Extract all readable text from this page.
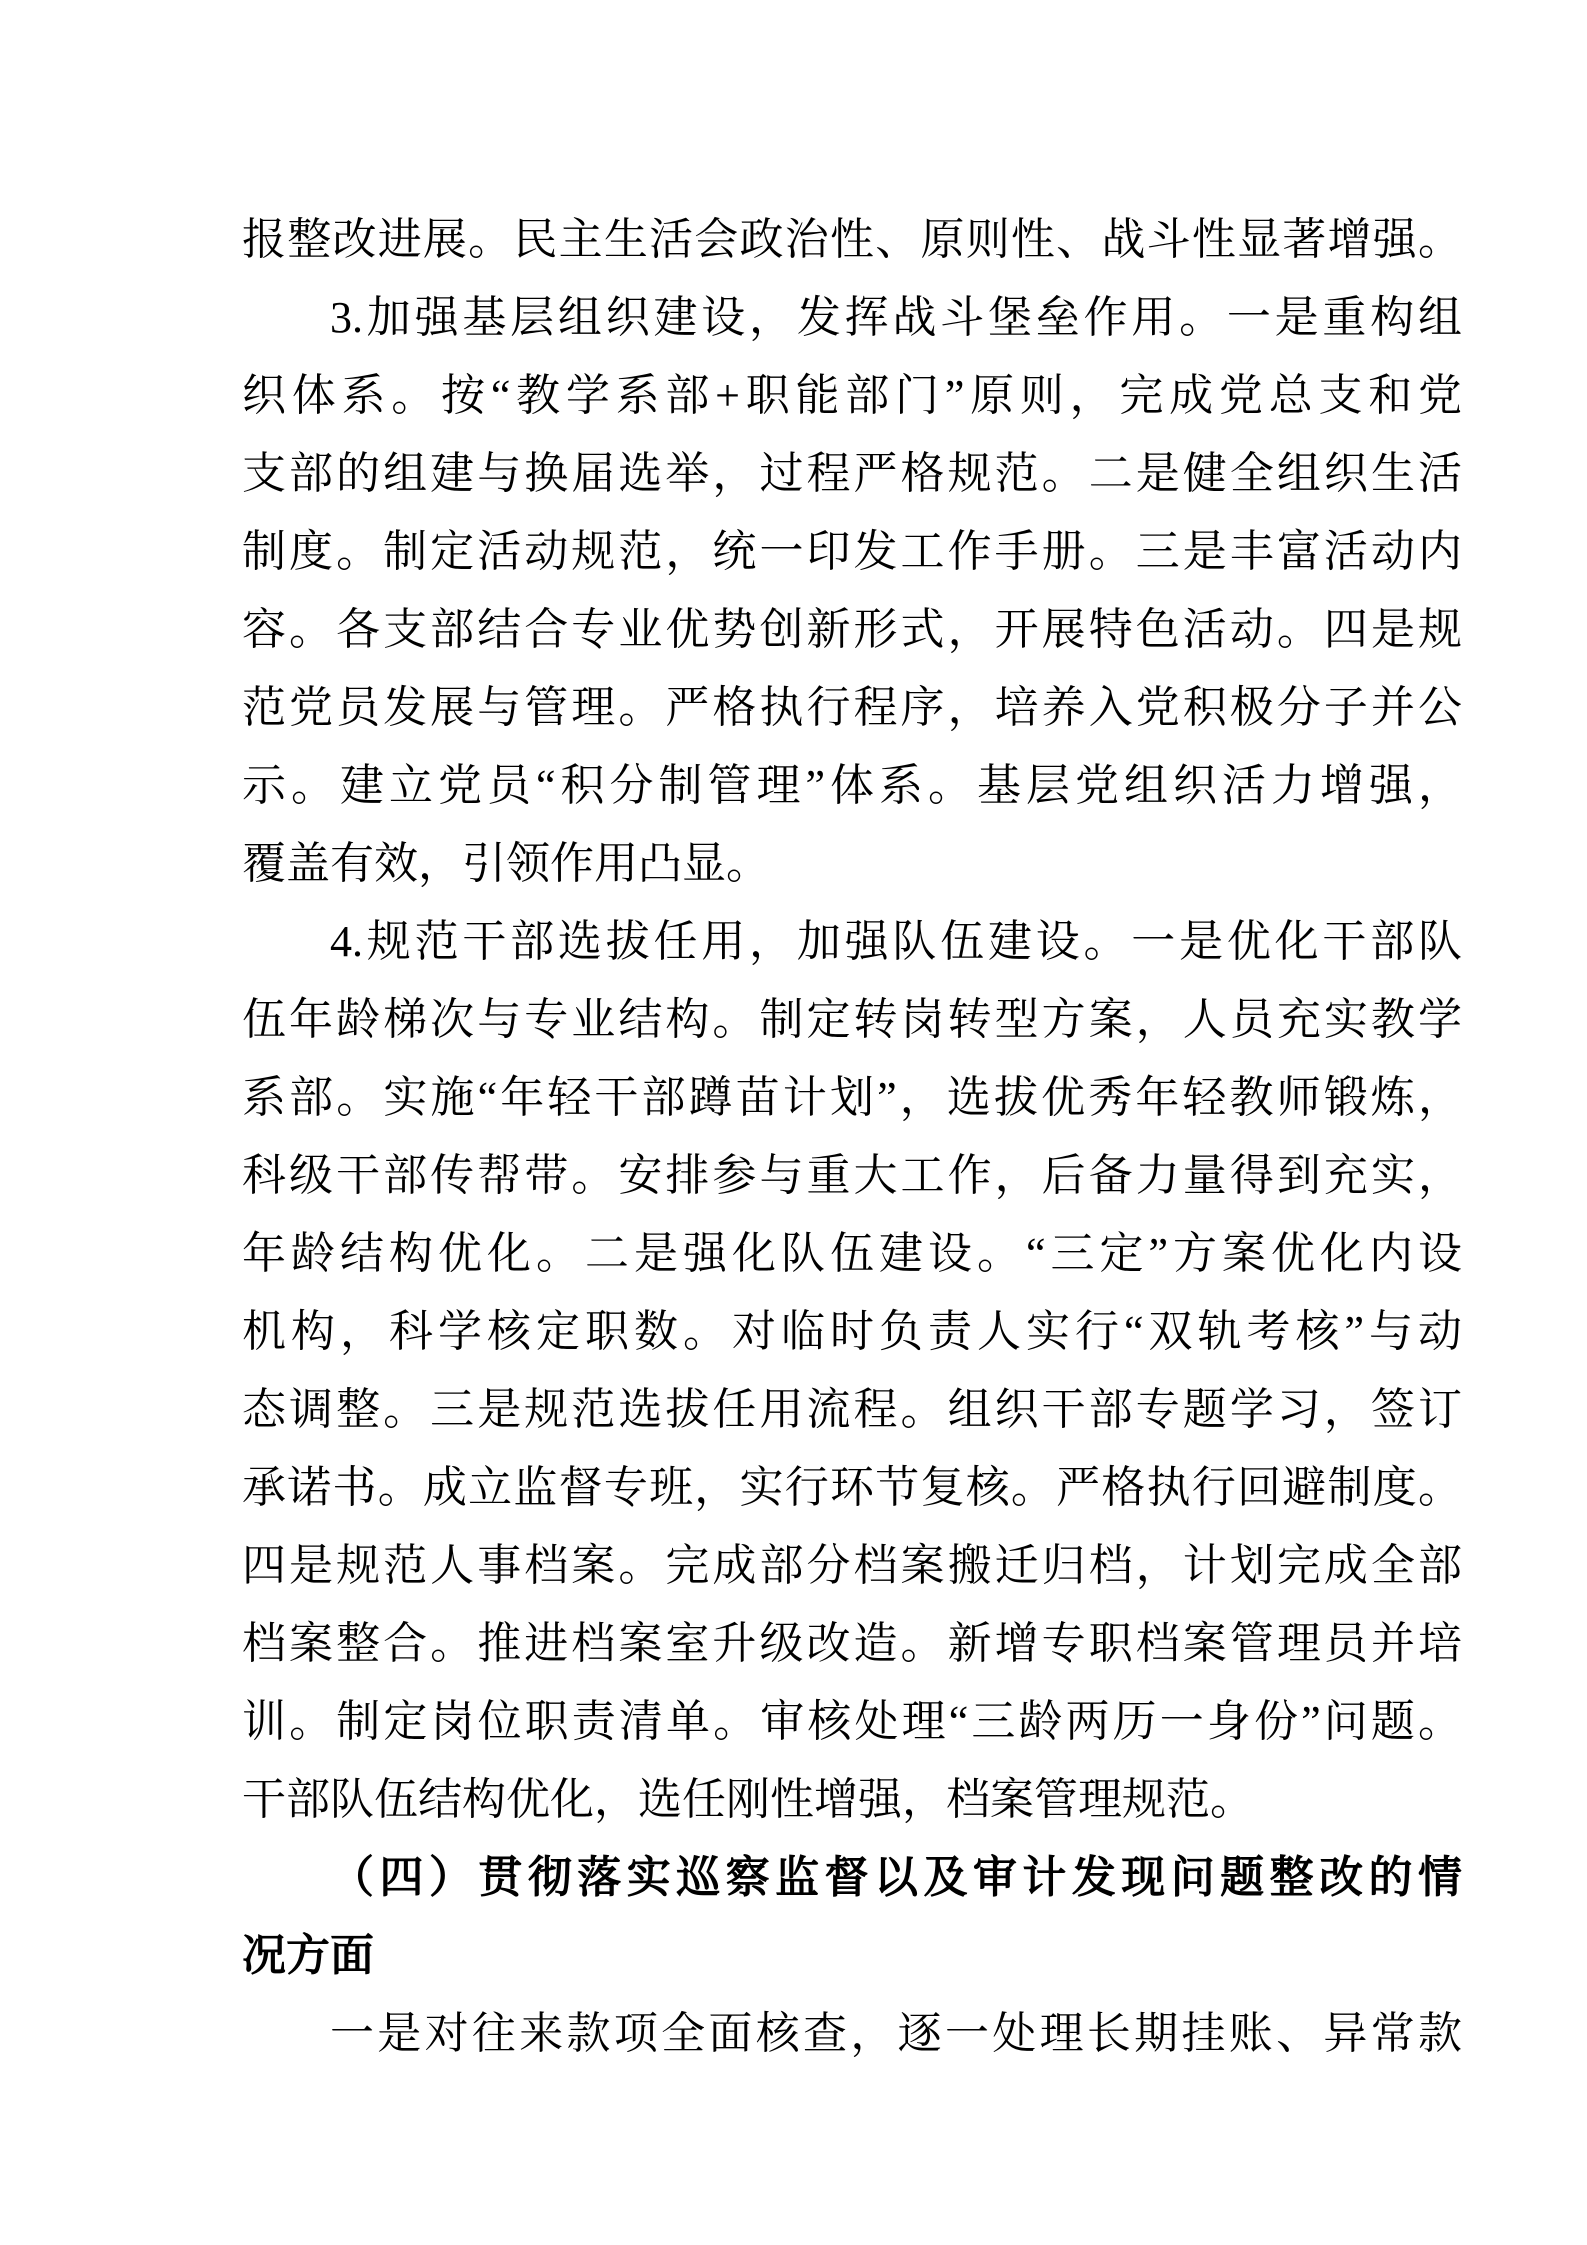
报整改进展。民主生活会政治性、原则性、战斗性显著增强。
3.加强基层组织建设，发挥战斗堡垒作用。一是重构组
织体系。按“教学系部+职能部门”原则，完成党总支和党
支部的组建与换届选举，过程严格规范。二是健全组织生活
制度。制定活动规范，统一印发工作手册。三是丰富活动内
容。各支部结合专业优势创新形式，开展特色活动。四是规
范党员发展与管理。严格执行程序，培养入党积极分子并公
示。建立党员“积分制管理”体系。基层党组织活力增强，
覆盖有效，引领作用凸显。
4.规范干部选拔任用，加强队伍建设。一是优化干部队
伍年龄梯次与专业结构。制定转岗转型方案，人员充实教学
系部。实施“年轻干部蹲苗计划”，选拔优秀年轻教师锻炼，
科级干部传帮带。安排参与重大工作，后备力量得到充实，
年龄结构优化。二是强化队伍建设。“三定”方案优化内设
机构，科学核定职数。对临时负责人实行“双轨考核”与动
态调整。三是规范选拔任用流程。组织干部专题学习，签订
承诺书。成立监督专班，实行环节复核。严格执行回避制度。
四是规范人事档案。完成部分档案搬迁归档，计划完成全部
档案整合。推进档案室升级改造。新增专职档案管理员并培
训。制定岗位职责清单。审核处理“三龄两历一身份”问题。
干部队伍结构优化，选任刚性增强，档案管理规范。
（四）贯彻落实巡察监督以及审计发现问题整改的情
况方面
一是对往来款项全面核查，逐一处理长期挂账、异常款
